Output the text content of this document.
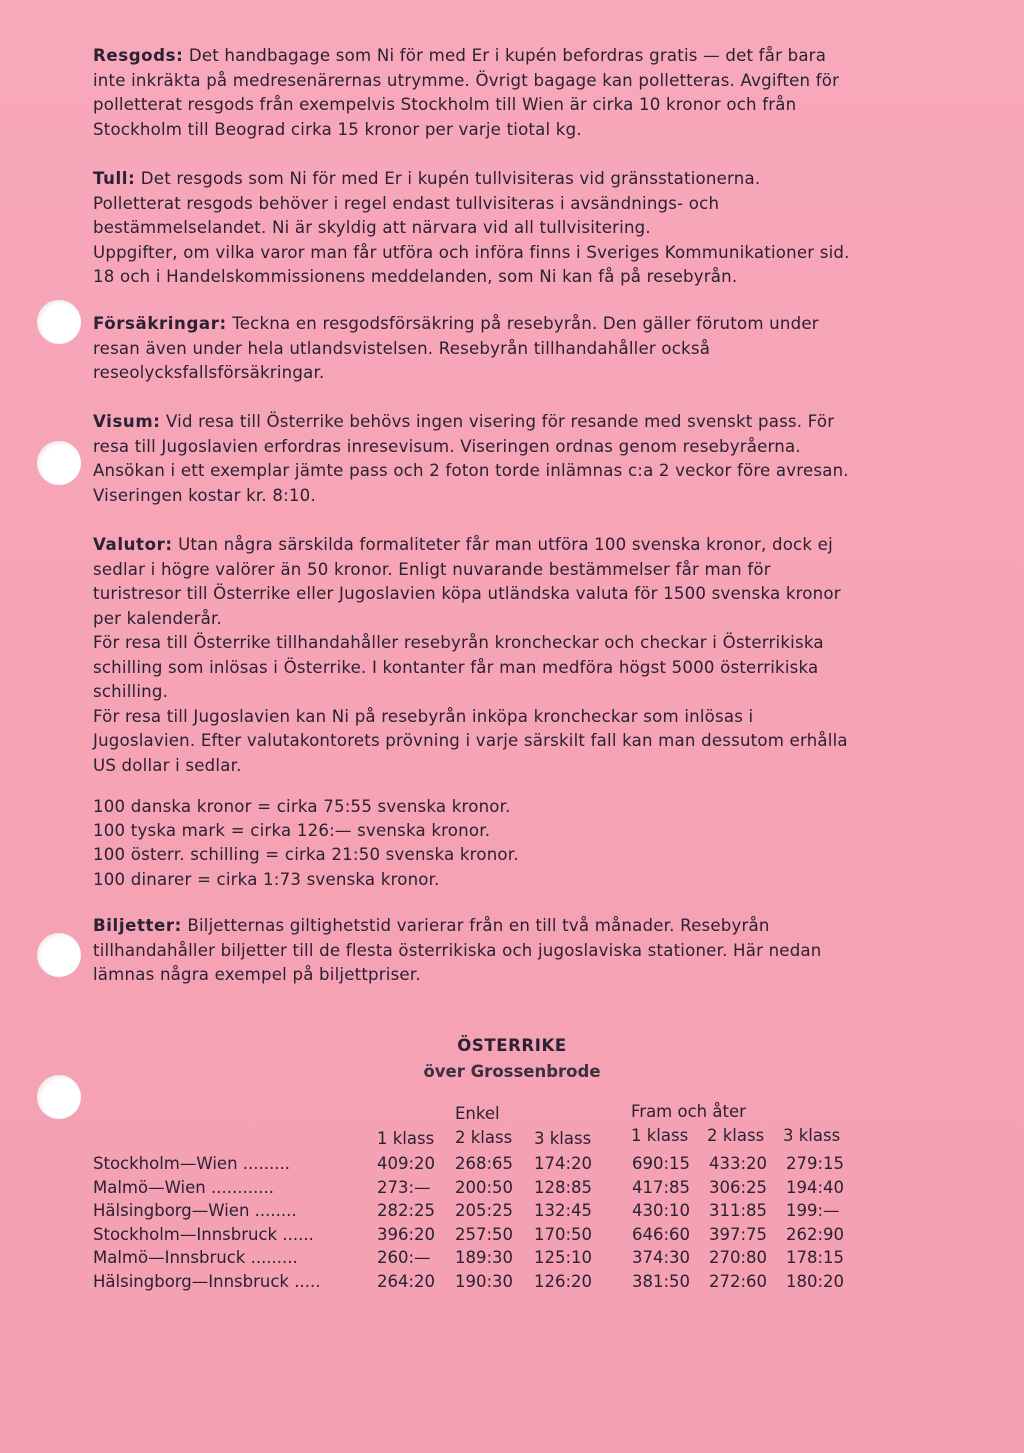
Resgods: Det handbagage som Ni för med Er i kupén befordras gratis — det får bara inte inkräkta på medresenärernas utrymme. Övrigt bagage kan polletteras. Avgiften för polletterat resgods från exempelvis Stockholm till Wien är cirka 10 kronor och från Stockholm till Beograd cirka 15 kronor per varje tiotal kg.

Tull: Det resgods som Ni för med Er i kupén tullvisiteras vid gränsstationerna. Polletterat resgods behöver i regel endast tullvisiteras i avsändnings- och bestämmelselandet. Ni är skyldig att närvara vid all tullvisitering.

Uppgifter, om vilka varor man får utföra och införa finns i Sveriges Kommunikationer sid. 18 och i Handelskommissionens meddelanden, som Ni kan få på resebyrån.

Försäkringar: Teckna en resgodsförsäkring på resebyrån. Den gäller förutom under resan även under hela utlandsvistelsen. Resebyrån tillhandahåller också reseolycksfallsförsäkringar.

Visum: Vid resa till Österrike behövs ingen visering för resande med svenskt pass. För resa till Jugoslavien erfordras inresevisum. Viseringen ordnas genom resebyråerna. Ansökan i ett exemplar jämte pass och 2 foton torde inlämnas c:a 2 veckor före avresan. Viseringen kostar kr. 8:10.

Valutor: Utan några särskilda formaliteter får man utföra 100 svenska kronor, dock ej sedlar i högre valörer än 50 kronor. Enligt nuvarande bestämmelser får man för turistresor till Österrike eller Jugoslavien köpa utländska valuta för 1500 svenska kronor per kalenderår.

För resa till Österrike tillhandahåller resebyrån kroncheckar och checkar i Österrikiska schilling som inlösas i Österrike. I kontanter får man medföra högst 5000 österrikiska schilling.

För resa till Jugoslavien kan Ni på resebyrån inköpa kroncheckar som inlösas i Jugoslavien. Efter valutakontorets prövning i varje särskilt fall kan man dessutom erhålla US dollar i sedlar.

100 danska kronor = cirka 75:55 svenska kronor.

100 tyska mark = cirka 126:— svenska kronor.

100 österr. schilling = cirka 21:50 svenska kronor.

100 dinarer = cirka 1:73 svenska kronor.

Biljetter: Biljetternas giltighetstid varierar från en till två månader. Resebyrån tillhandahåller biljetter till de flesta österrikiska och jugoslaviska stationer. Här nedan lämnas några exempel på biljettpriser.

ÖSTERRIKE
över Grossenbrode
Enkel	Fram och åter
1 klass 2 klass 3 klass 1 klass 2 klass 3 klass
Stockholm—Wien .........	409:20 268:65 174:20 690:15 433:20 279:15
Malmö—Wien ............	273:— 200:50 128:85 417:85 306:25 194:40
Hälsingborg—Wien ........	282:25 205:25 132:45 430:10 311:85 199:—
Stockholm—Innsbruck ......	396:20 257:50 170:50 646:60 397:75 262:90
Malmö—Innsbruck .........	260:— 189:30 125:10 374:30 270:80 178:15
Hälsingborg—Innsbruck .....	264:20 190:30 126:20 381:50 272:60 180:20
